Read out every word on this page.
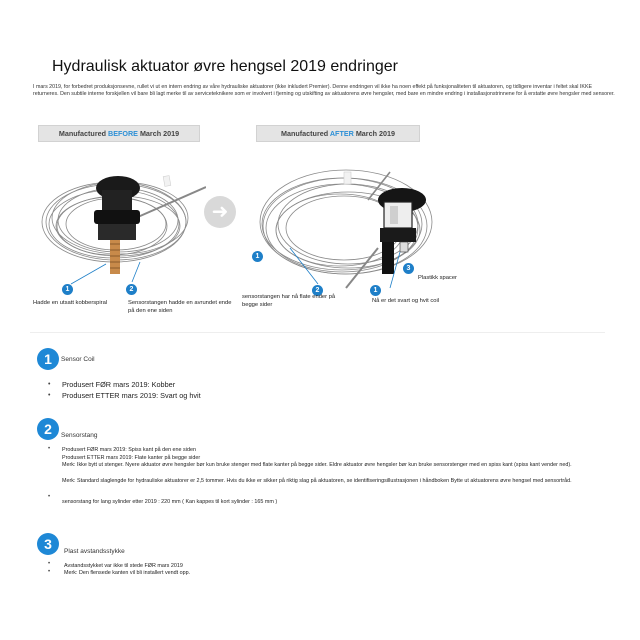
Hydraulisk aktuator øvre hengsel 2019 endringer
I mars 2019, for forbedret produksjonsevne, rullet vi ut en intern endring av våre hydrauliske aktuatorer (ikke inkludert Premier). Denne endringen vil ikke ha noen effekt på funksjonaliteten til aktuatoren, og tidligere inventar i feltet skal IKKE returneres. Den subtile interne forskjellen vil bare bli lagt merke til av serviceteknikere som er involvert i fjerning og utskifting av aktuatorens øvre hengsler, med bare en mindre endring i installasjonstrinnene for å erstatte øvre hengsler med sensorer.
Manufactured BEFORE March 2019	Manufactured AFTER March 2019
1	2
Hadde en utsatt kobberspiral	Sensorstangen hadde en avrundet ende på den ene siden
➜
1
2	1
3
sensorstangen har nå flate ender på begge sider
Nå er det svart og hvit coil
Plastikk spacer
1	Sensor Coil
• Produsert FØR mars 2019: Kobber
• Produsert ETTER mars 2019: Svart og hvit
2	Sensorstang
• Produsert FØR mars 2019: Spiss kant på den ene siden
Produsert ETTER mars 2019: Flate kanter på begge sider
Merk: Ikke bytt ut stenger. Nyere aktuator øvre hengsler bør kun bruke stenger med flate kanter på begge sider. Eldre aktuator øvre hengsler bør kun bruke sensorstenger med en spiss kant (spiss kant vender ned).
Merk: Standard slaglengde for hydrauliske aktuatorer er 2,5 tommer. Hvis du ikke er sikker på riktig slag på aktuatoren, se identifiseringsillustrasjonen i håndboken Bytte ut aktuatorens øvre hengsel med sensortråd.
•
sensorstang for lang sylinder etter 2019 : 220 mm ( Kan kappes til kort sylinder : 165 mm )
3	Plast avstandsstykke
•	Avstandsstykket var ikke til stede FØR mars 2019
•	Merk: Den flensede kanten vil bli installert vendt opp.
